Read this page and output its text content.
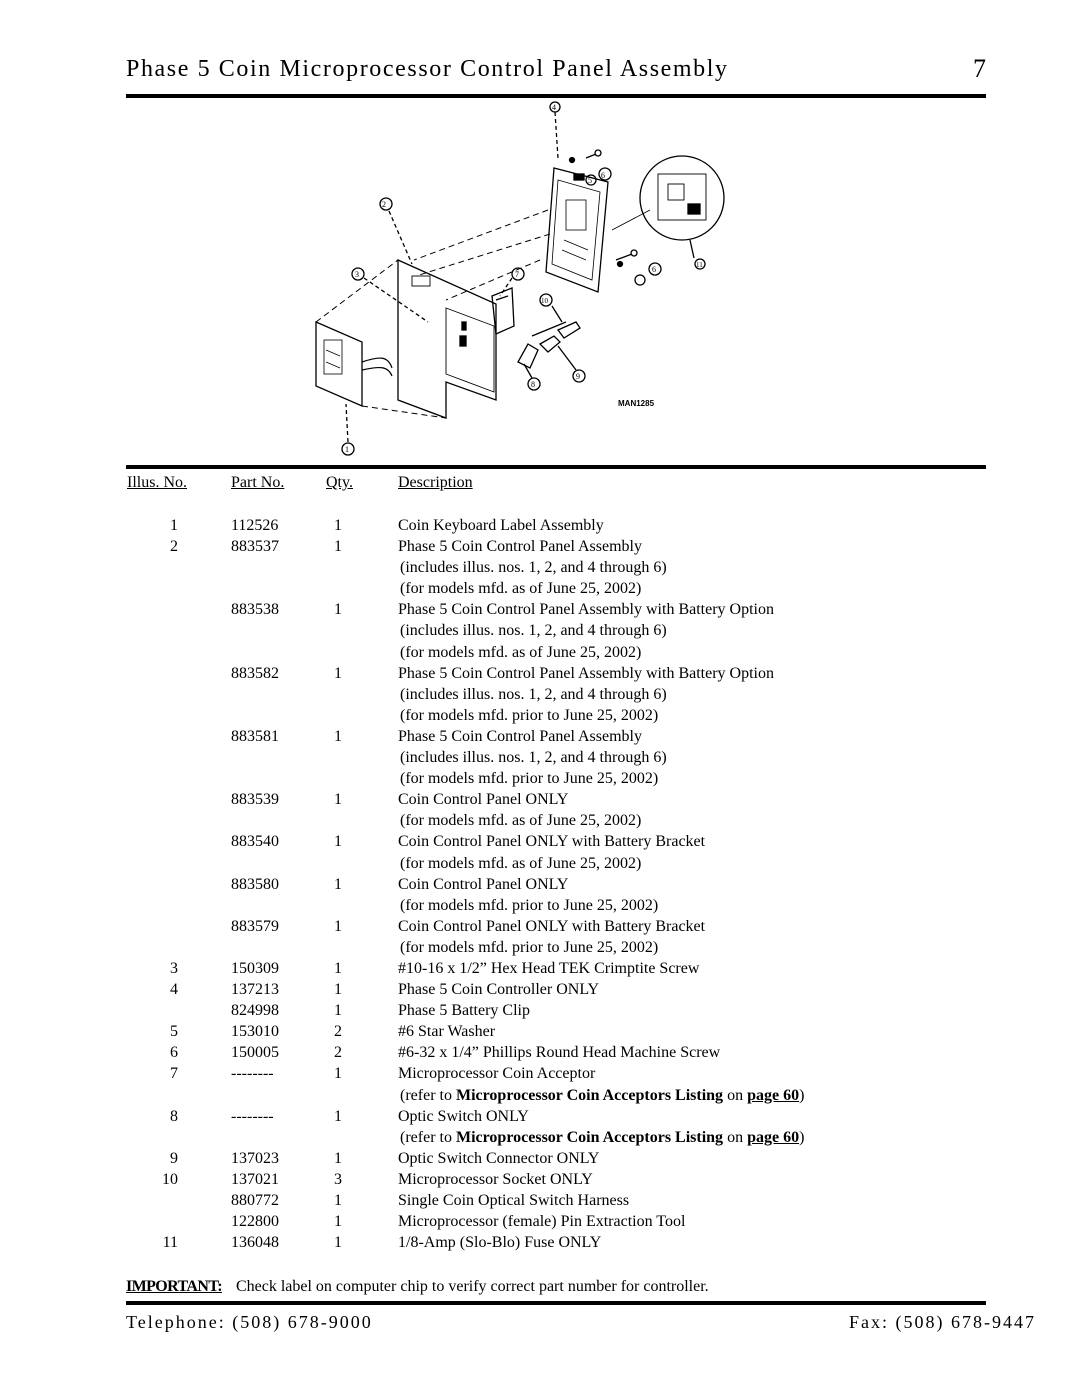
Phase 5 Coin Microprocessor Control Panel Assembly	7
4
6
5
6	11
2
7
3
1
10
8
9
MAN1285
Illus. No.	Part No.	Qty.	Description
1	112526	1	Coin Keyboard Label Assembly
2	883537	1	Phase 5 Coin Control Panel Assembly
(includes illus. nos. 1, 2, and 4 through 6)
(for models mfd. as of June 25, 2002)
883538	1	Phase 5 Coin Control Panel Assembly with Battery Option
(includes illus. nos. 1, 2, and 4 through 6)
(for models mfd. as of June 25, 2002)
883582	1	Phase 5 Coin Control Panel Assembly with Battery Option
(includes illus. nos. 1, 2, and 4 through 6)
(for models mfd. prior to June 25, 2002)
883581	1	Phase 5 Coin Control Panel Assembly
(includes illus. nos. 1, 2, and 4 through 6)
(for models mfd. prior to June 25, 2002)
883539	1	Coin Control Panel ONLY
(for models mfd. as of June 25, 2002)
883540	1	Coin Control Panel ONLY with Battery Bracket
(for models mfd. as of June 25, 2002)
883580	1	Coin Control Panel ONLY
(for models mfd. prior to June 25, 2002)
883579	1	Coin Control Panel ONLY with Battery Bracket
(for models mfd. prior to June 25, 2002)
3	150309	1	#10-16 x 1/2” Hex Head TEK Crimptite Screw
4	137213	1	Phase 5 Coin Controller ONLY
824998	1	Phase 5 Battery Clip
5	153010	2	#6 Star Washer
6	150005	2	#6-32 x 1/4” Phillips Round Head Machine Screw
7	--------	1	Microprocessor Coin Acceptor
(refer to Microprocessor Coin Acceptors Listing on page 60)
8	--------	1	Optic Switch ONLY
(refer to Microprocessor Coin Acceptors Listing on page 60)
9	137023	1	Optic Switch Connector ONLY
10	137021	3	Microprocessor Socket ONLY
880772	1	Single Coin Optical Switch Harness
122800	1	Microprocessor (female) Pin Extraction Tool
11	136048	1	1/8-Amp (Slo-Blo) Fuse ONLY
IMPORTANT: Check label on computer chip to verify correct part number for controller.
Telephone: (508) 678-9000	Fax: (508) 678-9447
